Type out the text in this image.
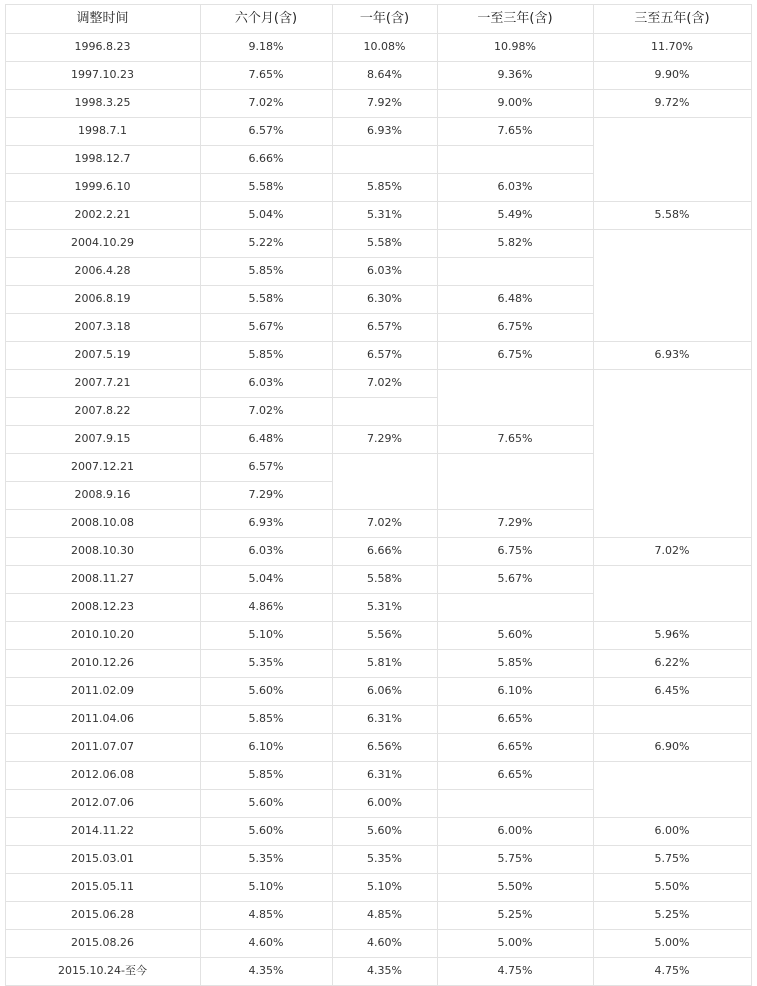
调整时间	六个月(含)	一年(含)	一至三年(含)	三至五年(含)
1996.8.23	9.18%	10.08%	10.98%	11.70%
1997.10.23	7.65%	8.64%	9.36%	9.90%
1998.3.25	7.02%	7.92%	9.00%	9.72%
1998.7.1	6.57%	6.93%	7.65%
1998.12.7	6.66%
1999.6.10	5.58%	5.85%	6.03%
2002.2.21	5.04%	5.31%	5.49%	5.58%
2004.10.29	5.22%	5.58%	5.82%
2006.4.28	5.85%	6.03%
2006.8.19	5.58%	6.30%	6.48%
2007.3.18	5.67%	6.57%	6.75%
2007.5.19	5.85%	6.57%	6.75%	6.93%
2007.7.21	6.03%	7.02%
2007.8.22	7.02%
2007.9.15	6.48%	7.29%	7.65%
2007.12.21	6.57%
2008.9.16	7.29%
2008.10.08	6.93%	7.02%	7.29%
2008.10.30	6.03%	6.66%	6.75%	7.02%
2008.11.27	5.04%	5.58%	5.67%
2008.12.23	4.86%	5.31%
2010.10.20	5.10%	5.56%	5.60%	5.96%
2010.12.26	5.35%	5.81%	5.85%	6.22%
2011.02.09	5.60%	6.06%	6.10%	6.45%
2011.04.06	5.85%	6.31%	6.65%
2011.07.07	6.10%	6.56%	6.65%	6.90%
2012.06.08	5.85%	6.31%	6.65%
2012.07.06	5.60%	6.00%
2014.11.22	5.60%	5.60%	6.00%	6.00%
2015.03.01	5.35%	5.35%	5.75%	5.75%
2015.05.11	5.10%	5.10%	5.50%	5.50%
2015.06.28	4.85%	4.85%	5.25%	5.25%
2015.08.26	4.60%	4.60%	5.00%	5.00%
2015.10.24-至今	4.35%	4.35%	4.75%	4.75%
